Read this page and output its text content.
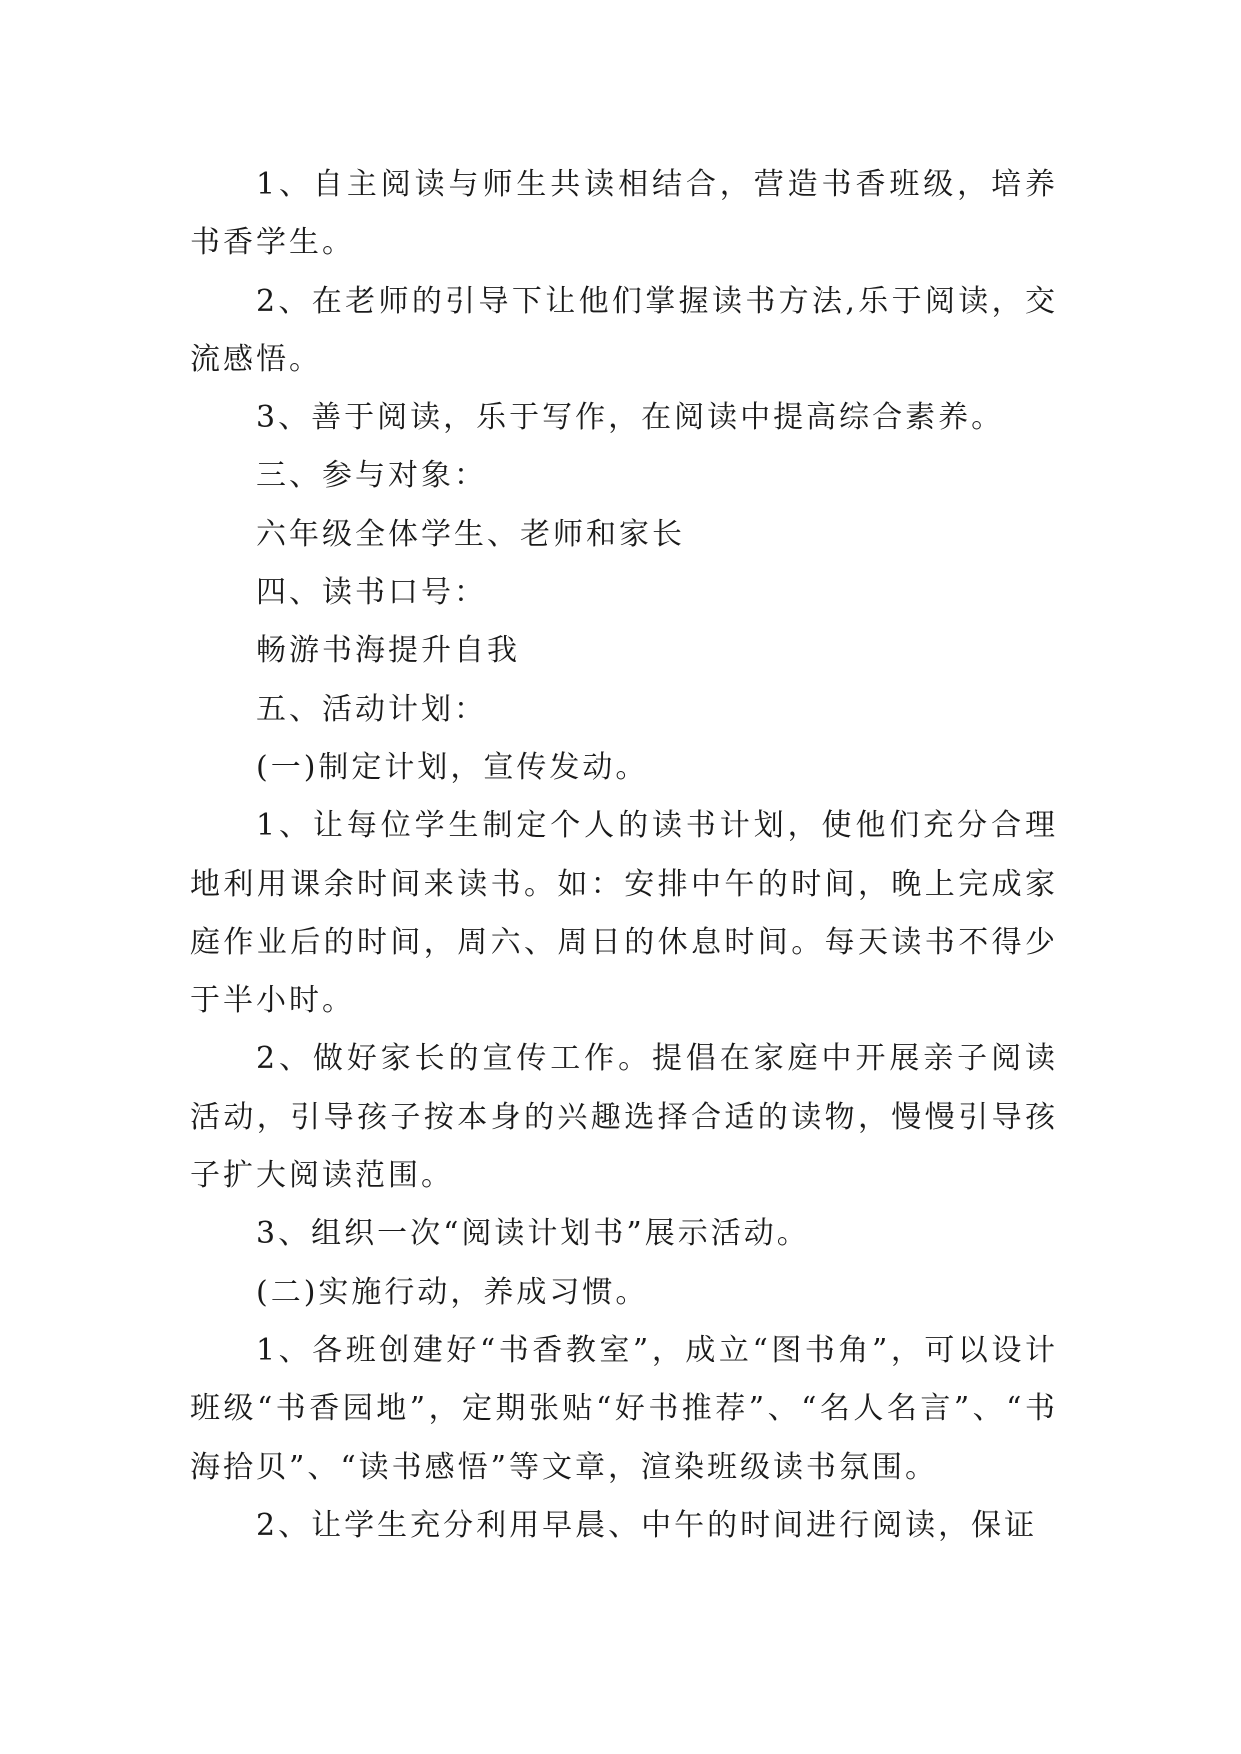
1、自主阅读与师生共读相结合，营造书香班级，培养书香学生。

2、在老师的引导下让他们掌握读书方法,乐于阅读，交流感悟。

3、善于阅读，乐于写作，在阅读中提高综合素养。

三、参与对象：

六年级全体学生、老师和家长

四、读书口号：

畅游书海提升自我

五、活动计划：

(一)制定计划，宣传发动。

1、让每位学生制定个人的读书计划，使他们充分合理地利用课余时间来读书。如：安排中午的时间，晚上完成家庭作业后的时间，周六、周日的休息时间。每天读书不得少于半小时。

2、做好家长的宣传工作。提倡在家庭中开展亲子阅读活动，引导孩子按本身的兴趣选择合适的读物，慢慢引导孩子扩大阅读范围。

3、组织一次“阅读计划书”展示活动。

(二)实施行动，养成习惯。

1、各班创建好“书香教室”，成立“图书角”，可以设计班级“书香园地”，定期张贴“好书推荐”、“名人名言”、“书海拾贝”、“读书感悟”等文章，渲染班级读书氛围。

2、让学生充分利用早晨、中午的时间进行阅读，保证
